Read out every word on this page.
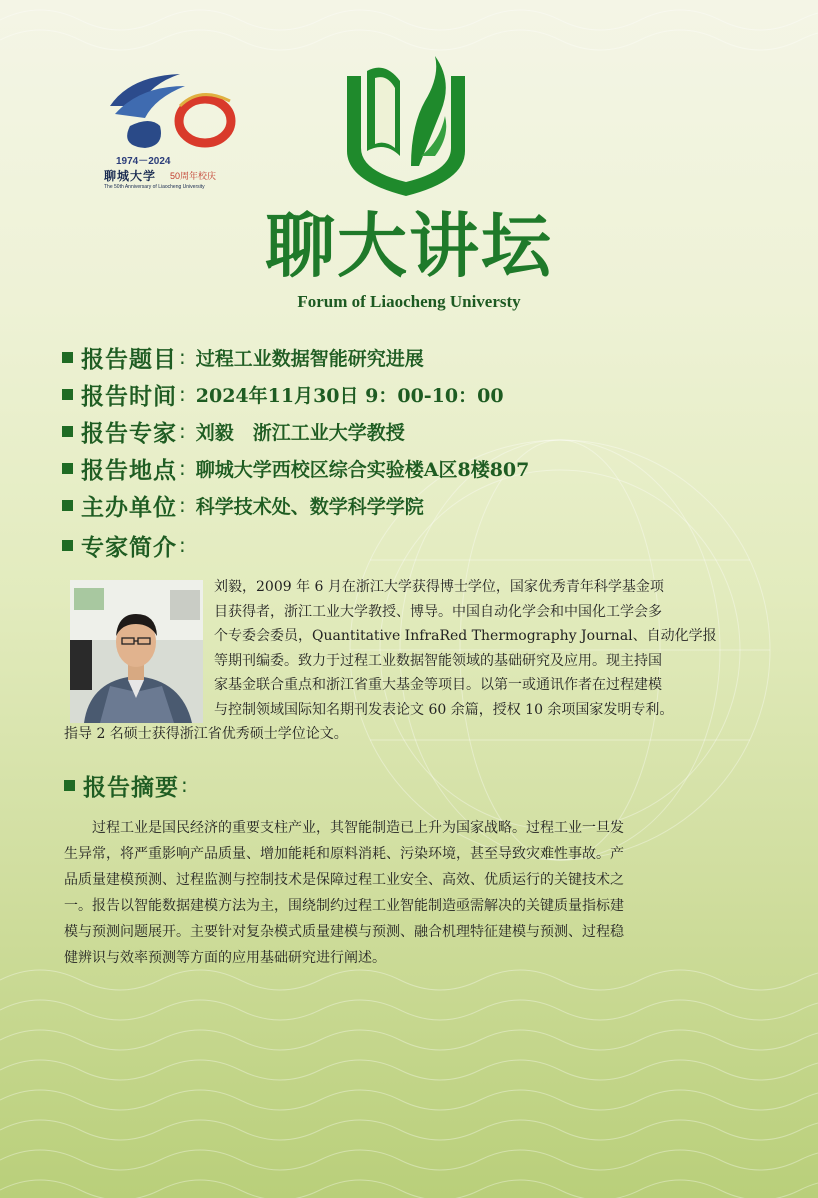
1974－2024
聊城大学 50周年校庆
The 50th Anniversary of Liaocheng University
聊大讲坛
Forum of Liaocheng Universty
报告题目 : 过程工业数据智能研究进展
报告时间 : 2024年11月30日 9：00-10：00
报告专家 : 刘毅　浙江工业大学教授
报告地点 : 聊城大学西校区综合实验楼A区8楼807
主办单位 : 科学技术处、数学科学学院
专家简介 :
刘毅，2009 年 6 月在浙江大学获得博士学位，国家优秀青年科学基金项
目获得者，浙江工业大学教授、博导。中国自动化学会和中国化工学会多
个专委会委员，Quantitative InfraRed Thermography Journal、自动化学报
等期刊编委。致力于过程工业数据智能领域的基础研究及应用。现主持国
家基金联合重点和浙江省重大基金等项目。以第一或通讯作者在过程建模
与控制领域国际知名期刊发表论文 60 余篇，授权 10 余项国家发明专利。
指导 2 名硕士获得浙江省优秀硕士学位论文。
报告摘要 :
　　过程工业是国民经济的重要支柱产业，其智能制造已上升为国家战略。过程工业一旦发
生异常，将严重影响产品质量、增加能耗和原料消耗、污染环境，甚至导致灾难性事故。产
品质量建模预测、过程监测与控制技术是保障过程工业安全、高效、优质运行的关键技术之
一。报告以智能数据建模方法为主，围绕制约过程工业智能制造亟需解决的关键质量指标建
模与预测问题展开。主要针对复杂模式质量建模与预测、融合机理特征建模与预测、过程稳
健辨识与效率预测等方面的应用基础研究进行阐述。
